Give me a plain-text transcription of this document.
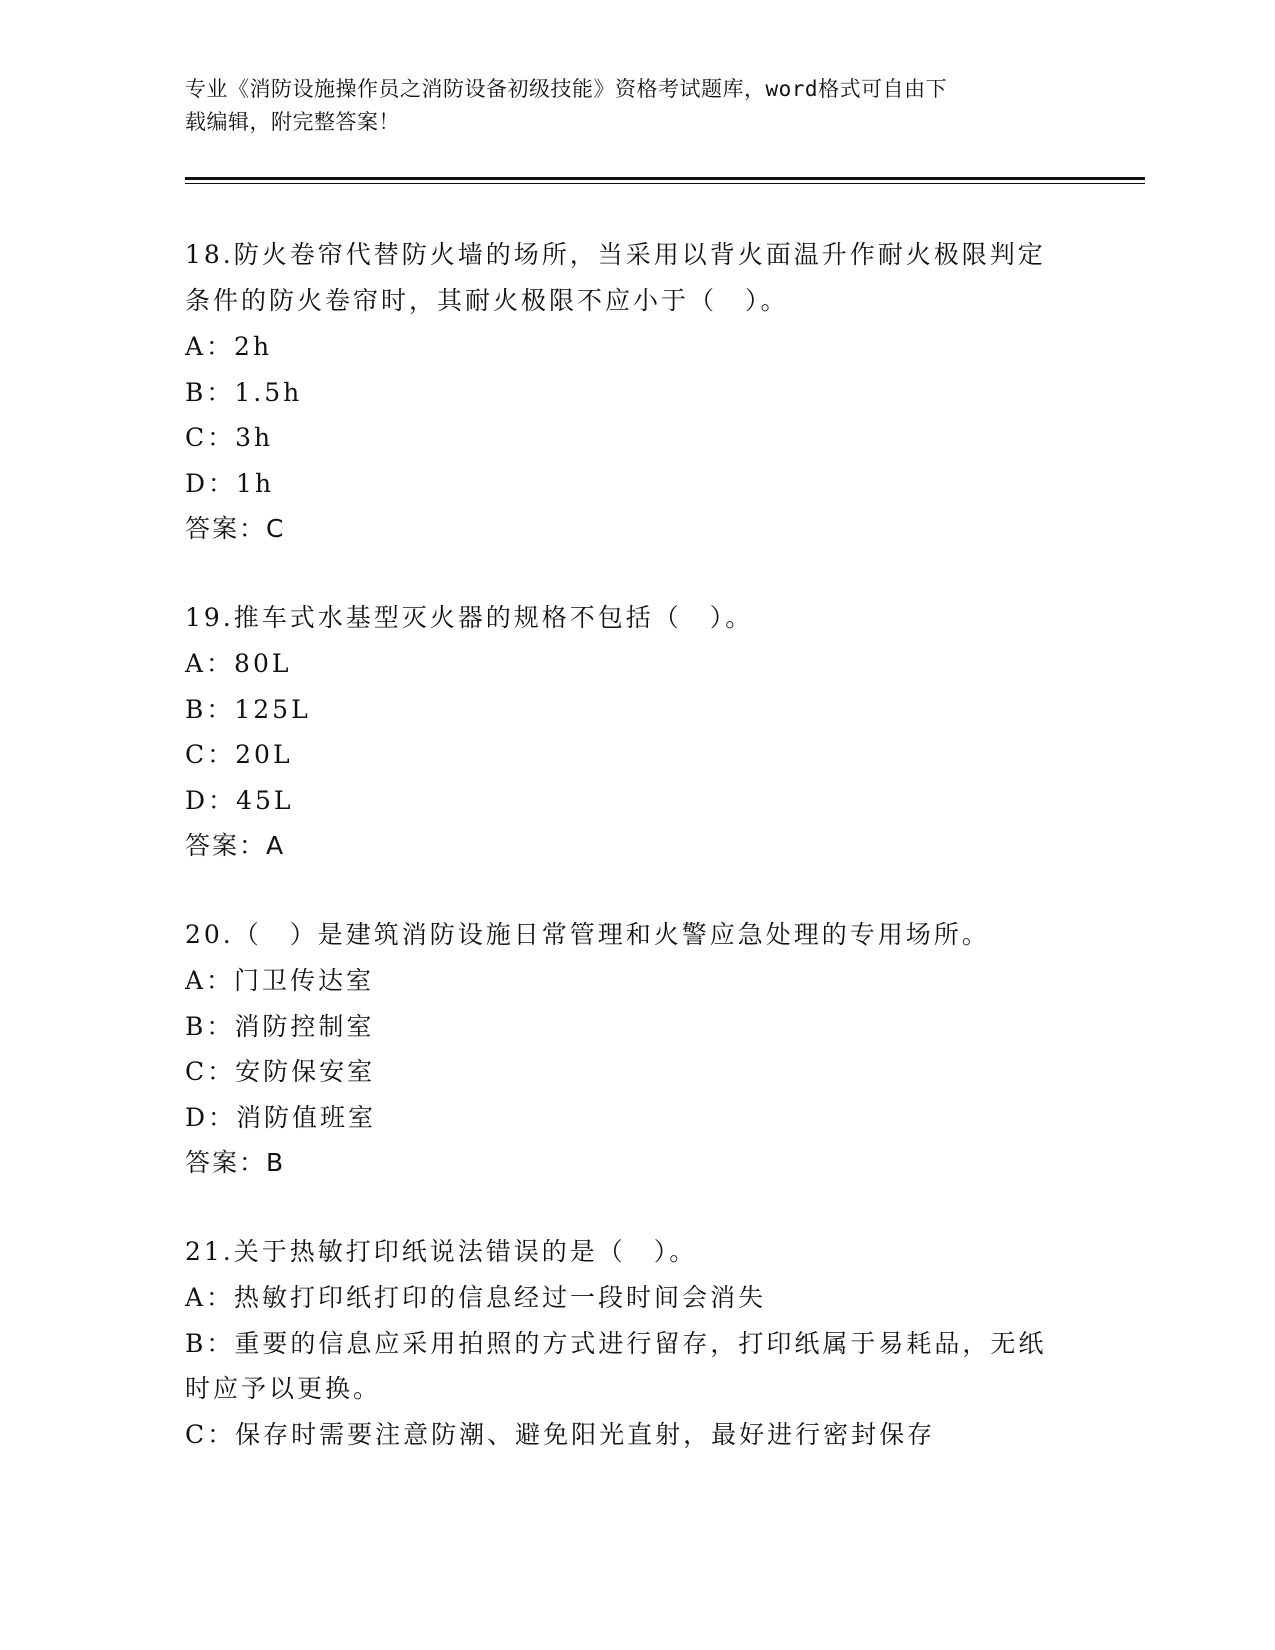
专业《消防设施操作员之消防设备初级技能》资格考试题库，word格式可自由下
载编辑，附完整答案！
18.防火卷帘代替防火墙的场所，当采用以背火面温升作耐火极限判定
条件的防火卷帘时，其耐火极限不应小于（　）。
A：2h
B：1.5h
C：3h
D：1h
答案：C
19.推车式水基型灭火器的规格不包括（　）。
A：80L
B：125L
C：20L
D：45L
答案：A
20.（　）是建筑消防设施日常管理和火警应急处理的专用场所。
A：门卫传达室
B：消防控制室
C：安防保安室
D：消防值班室
答案：B
21.关于热敏打印纸说法错误的是（　）。
A：热敏打印纸打印的信息经过一段时间会消失
B：重要的信息应采用拍照的方式进行留存，打印纸属于易耗品，无纸
时应予以更换。
C：保存时需要注意防潮、避免阳光直射，最好进行密封保存
